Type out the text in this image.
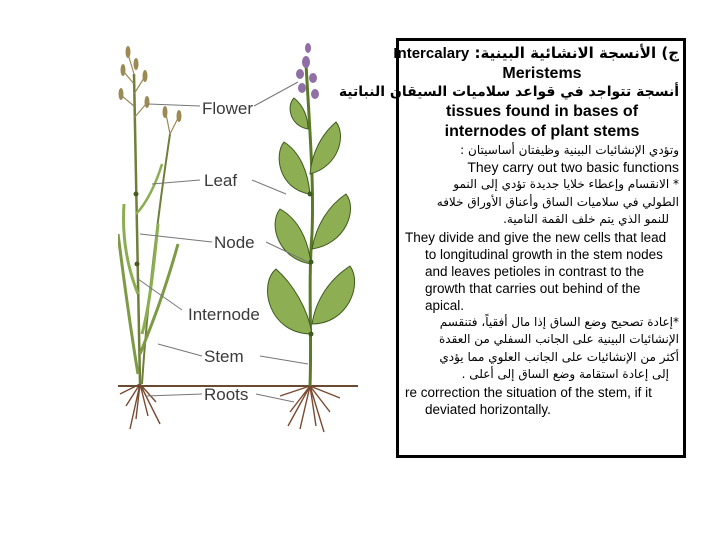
Flower
Leaf
Node
Internode
Stem
Roots
ج) الأنسجة الانشائية البينية: Intercalary
Meristems
أنسجة تتواجد في قواعد سلاميات السيقان النباتية
tissues found in bases of
internodes of plant stems
وتؤدي الإنشائيات البينية وظيفتان أساسيتان :
They carry out two basic functions
* الانقسام وإعطاء خلايا جديدة تؤدي إلى النمو
الطولي في سلاميات الساق وأعناق الأوراق خلافه
للنمو الذي يتم خلف القمة النامية.
They divide and give the new cells that lead
to longitudinal growth in the stem nodes
and leaves petioles in contrast to the
growth that carries out behind of the
apical.
*إعادة تصحيح وضع الساق إذا مال أفقياً، فتنقسم
الإنشائيات البينية على الجانب السفلي من العقدة
أكثر من الإنشائيات على الجانب العلوي مما يؤدي
إلى إعادة استقامة وضع الساق إلى أعلى .
re correction the situation of the stem, if it
deviated horizontally.
